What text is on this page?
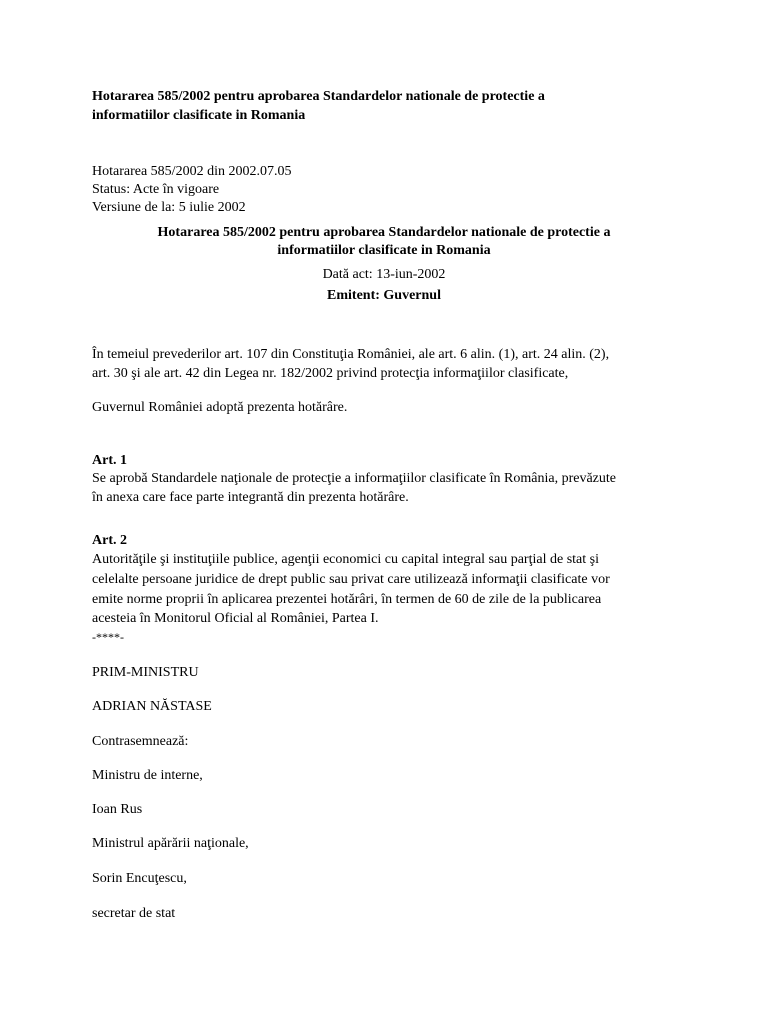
Hotararea 585/2002 pentru aprobarea Standardelor nationale de protectie a
informatiilor clasificate in Romania
Hotararea 585/2002 din 2002.07.05
Status: Acte în vigoare
Versiune de la: 5 iulie 2002
Hotararea 585/2002 pentru aprobarea Standardelor nationale de protectie a
informatiilor clasificate in Romania
Dată act: 13-iun-2002
Emitent: Guvernul
În temeiul prevederilor art. 107 din Constituţia României, ale art. 6 alin. (1), art. 24 alin. (2),
art. 30 şi ale art. 42 din Legea nr. 182/2002 privind protecţia informaţiilor clasificate,
Guvernul României adoptă prezenta hotărâre.
Art. 1
Se aprobă Standardele naţionale de protecţie a informaţiilor clasificate în România, prevăzute
în anexa care face parte integrantă din prezenta hotărâre.
Art. 2
Autorităţile şi instituţiile publice, agenţii economici cu capital integral sau parţial de stat şi
celelalte persoane juridice de drept public sau privat care utilizează informaţii clasificate vor
emite norme proprii în aplicarea prezentei hotărâri, în termen de 60 de zile de la publicarea
acesteia în Monitorul Oficial al României, Partea I.
-****-
PRIM-MINISTRU
ADRIAN NĂSTASE
Contrasemnează:
Ministru de interne,
Ioan Rus
Ministrul apărării naţionale,
Sorin Encuţescu,
secretar de stat
